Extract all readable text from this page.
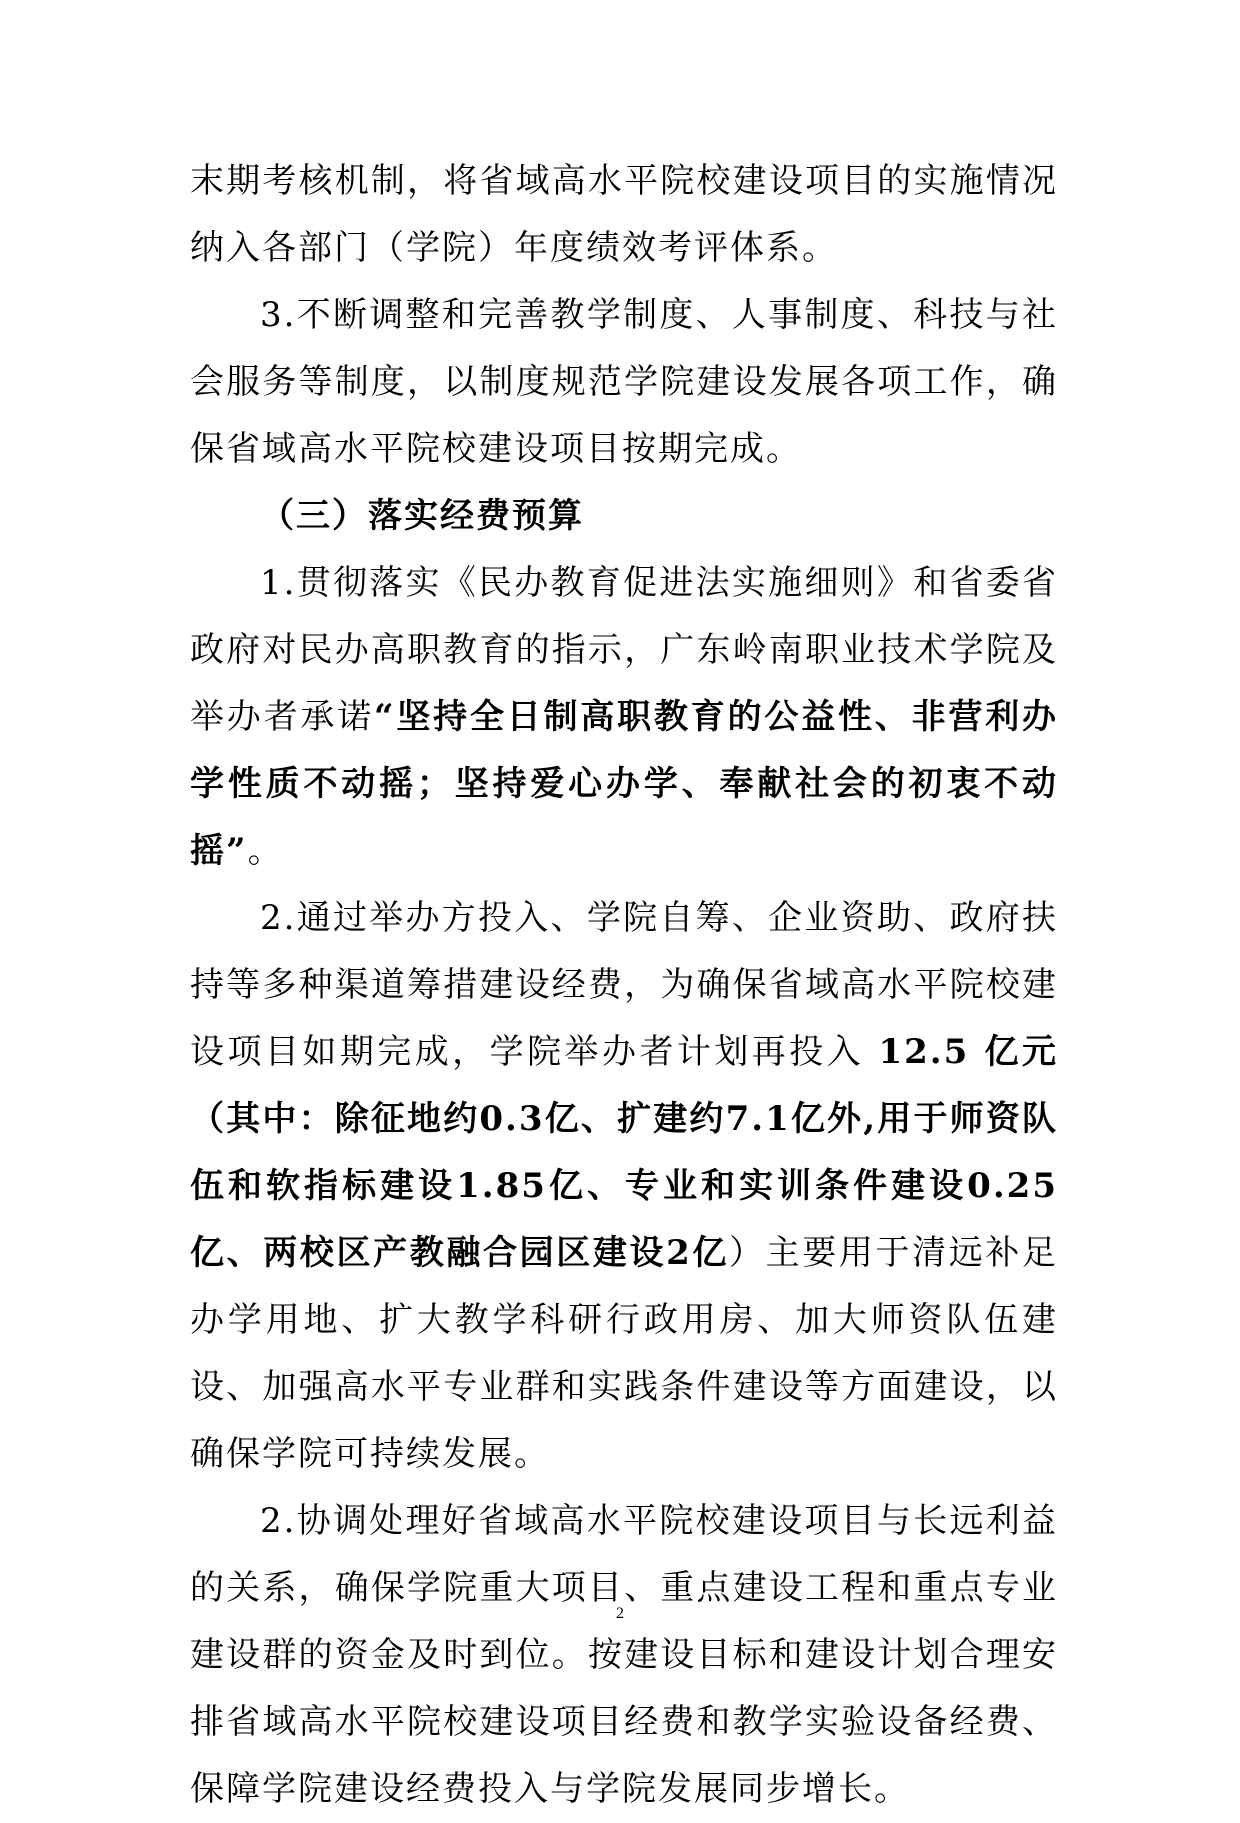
末期考核机制，将省域高水平院校建设项目的实施情况纳入各部门（学院）年度绩效考评体系。

3.不断调整和完善教学制度、人事制度、科技与社会服务等制度，以制度规范学院建设发展各项工作，确保省域高水平院校建设项目按期完成。

（三）落实经费预算

1.贯彻落实《民办教育促进法实施细则》和省委省政府对民办高职教育的指示，广东岭南职业技术学院及举办者承诺“坚持全日制高职教育的公益性、非营利办学性质不动摇；坚持爱心办学、奉献社会的初衷不动摇”。

2.通过举办方投入、学院自筹、企业资助、政府扶持等多种渠道筹措建设经费，为确保省域高水平院校建设项目如期完成，学院举办者计划再投入 12.5 亿元（其中：除征地约0.3亿、扩建约7.1亿外,用于师资队伍和软指标建设1.85亿、专业和实训条件建设0.25亿、两校区产教融合园区建设2亿）主要用于清远补足办学用地、扩大教学科研行政用房、加大师资队伍建设、加强高水平专业群和实践条件建设等方面建设，以确保学院可持续发展。

2.协调处理好省域高水平院校建设项目与长远利益的关系，确保学院重大项目、重点建设工程和重点专业建设群的资金及时到位。按建设目标和建设计划合理安排省域高水平院校建设项目经费和教学实验设备经费、保障学院建设经费投入与学院发展同步增长。

2
